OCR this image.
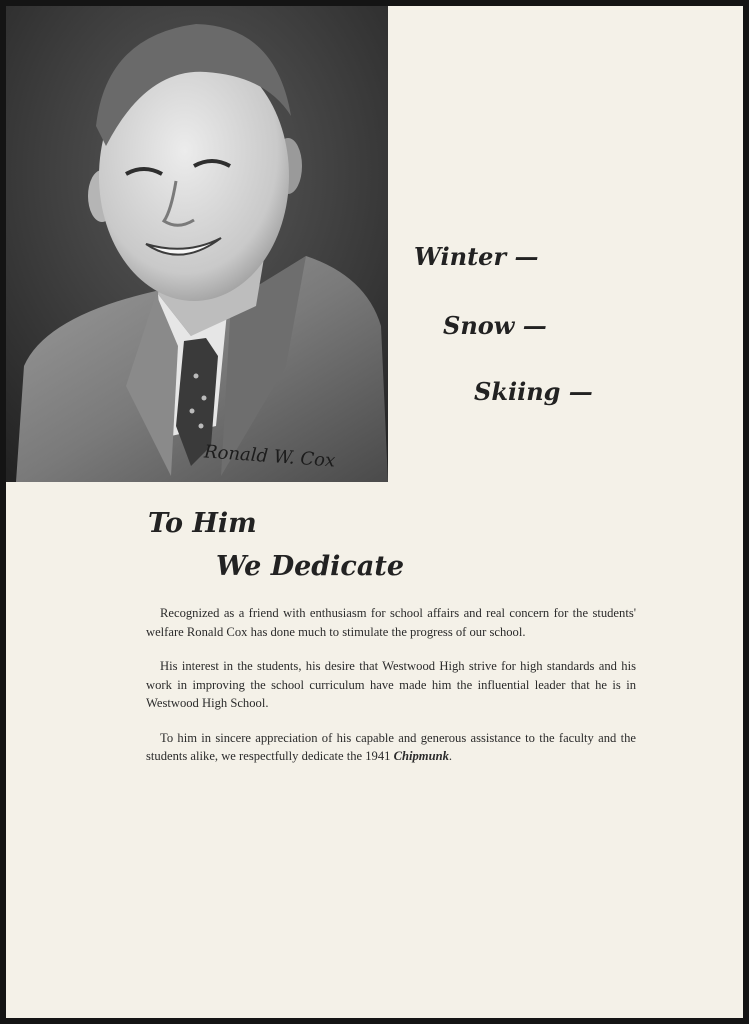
Ronald W. Cox
Winter —
Snow —
Skiing —
To Him
We Dedicate

Recognized as a friend with enthusiasm for school affairs and real concern for the students' welfare Ronald Cox has done much to stimulate the progress of our school.

His interest in the students, his desire that Westwood High strive for high standards and his work in improving the school curriculum have made him the influential leader that he is in Westwood High School.

To him in sincere appreciation of his capable and generous assistance to the faculty and the students alike, we respectfully dedicate the 1941 Chipmunk.
